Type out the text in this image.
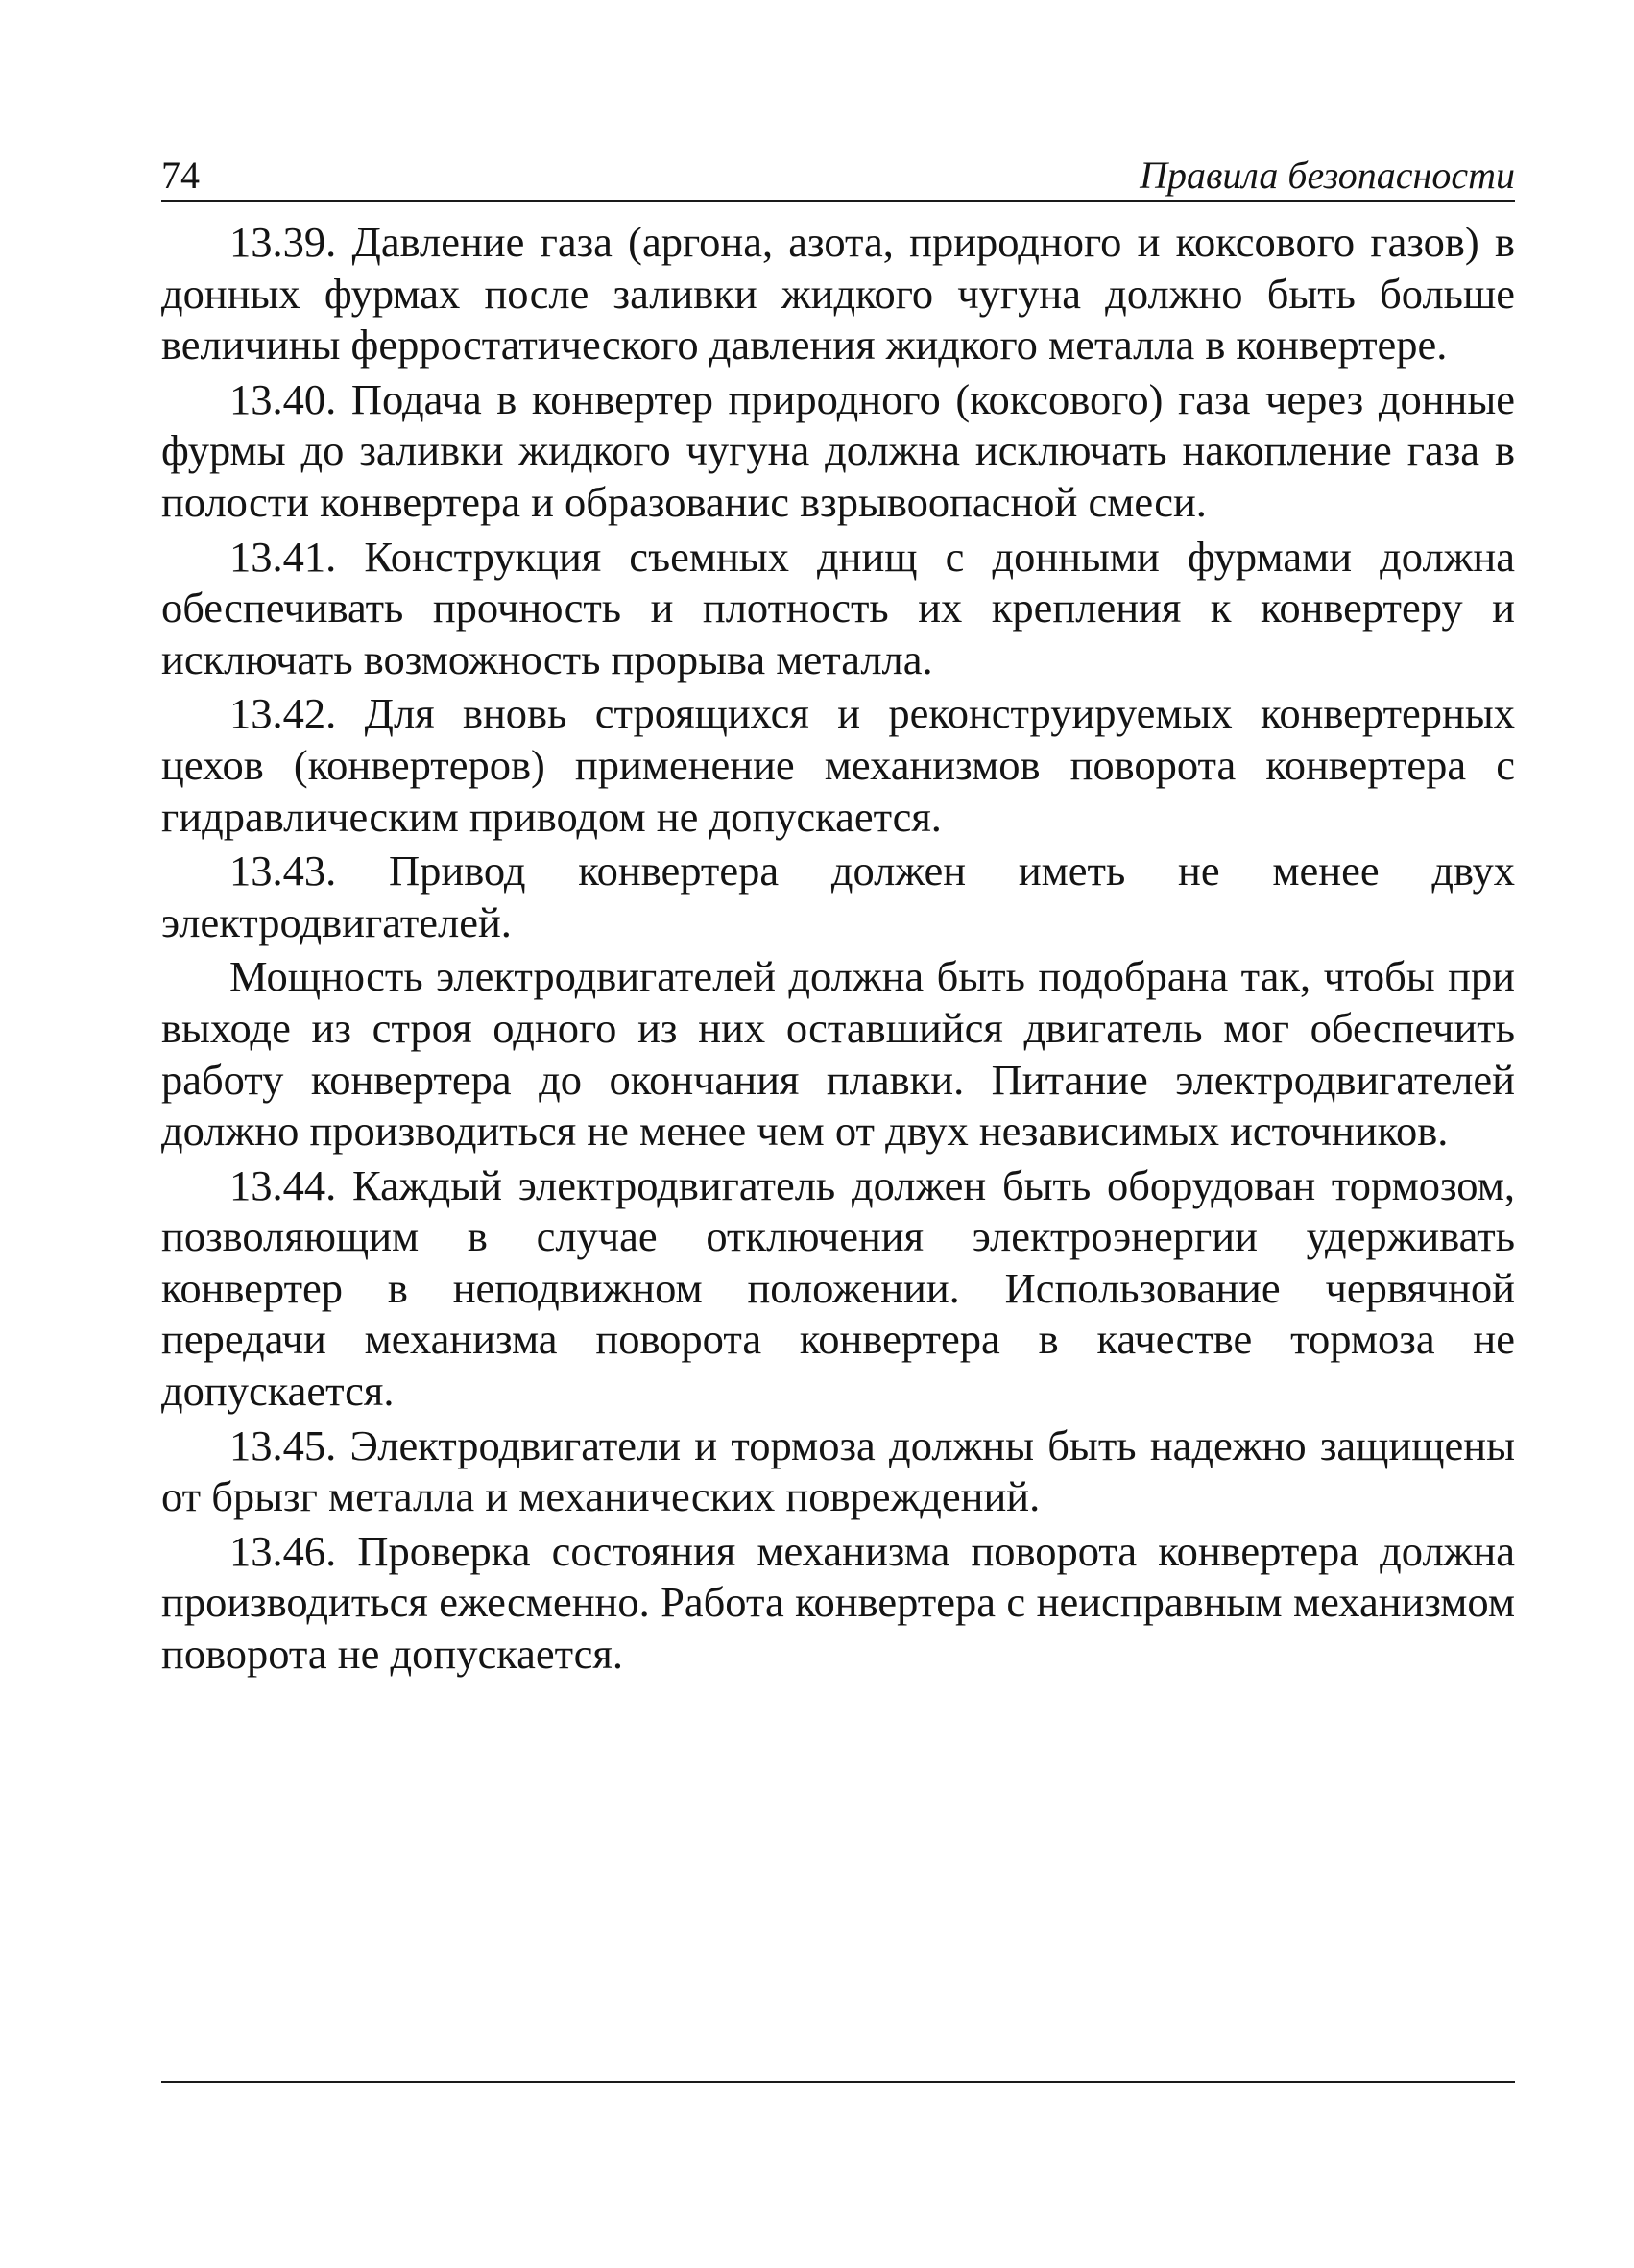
74	Правила безопасности

13.39. Давление газа (аргона, азота, природного и коксового газов) в донных фурмах после заливки жидкого чугуна должно быть больше величины ферростатического давления жидкого металла в конвертере.

13.40. Подача в конвертер природного (коксового) газа через донные фурмы до заливки жидкого чугуна должна исключать накопление газа в полости конвертера и образованис взрывоопасной смеси.

13.41. Конструкция съемных днищ с донными фурмами должна обеспечивать прочность и плотность их крепления к конвертеру и исключать возможность прорыва металла.

13.42. Для вновь строящихся и реконструируемых конвертерных цехов (конвертеров) применение механизмов поворота конвертера с гидравлическим приводом не допускается.

13.43. Привод конвертера должен иметь не менее двух электродвигателей.

Мощность электродвигателей должна быть подобрана так, чтобы при выходе из строя одного из них оставшийся двигатель мог обеспечить работу конвертера до окончания плавки. Питание электродвигателей должно производиться не менее чем от двух независимых источников.

13.44. Каждый электродвигатель должен быть оборудован тормозом, позволяющим в случае отключения электроэнергии удерживать конвертер в неподвижном положении. Использование червячной передачи механизма поворота конвертера в качестве тормоза не допускается.

13.45. Электродвигатели и тормоза должны быть надежно защищены от брызг металла и механических повреждений.

13.46. Проверка состояния механизма поворота конвертера должна производиться ежесменно. Работа конвертера с неисправным механизмом поворота не допускается.
